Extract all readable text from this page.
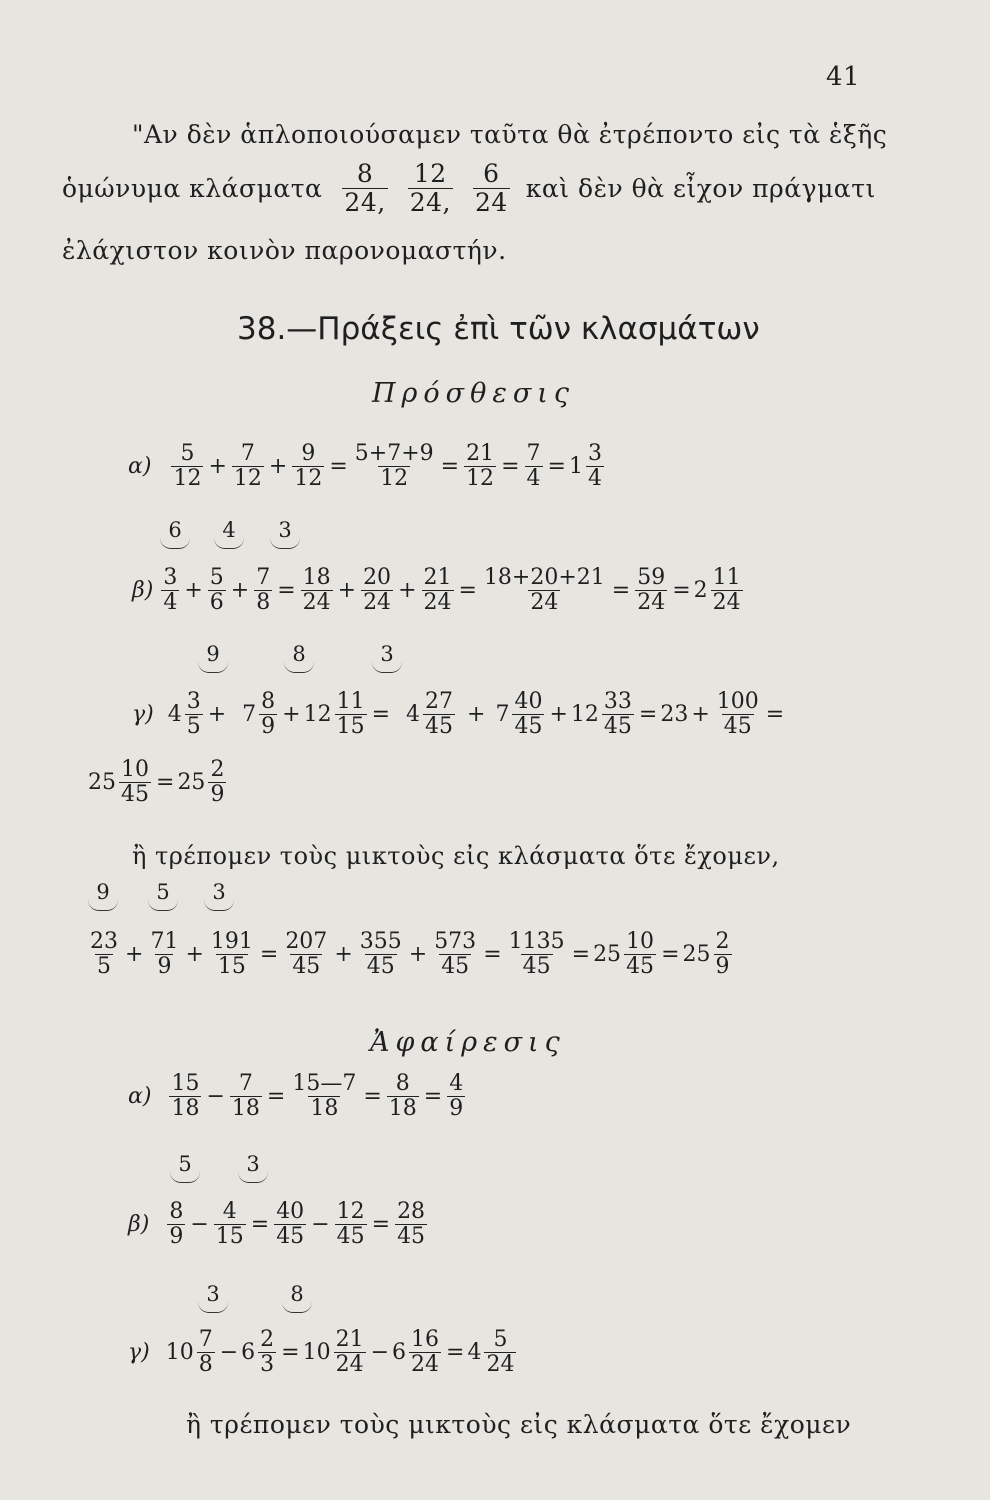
41
"Αν δὲν ἁπλοποιούσαμεν ταῦτα θὰ ἐτρέποντο εἰς τὰ ἑξῆς
ὁμώνυμα κλάσματα 8
24,
12
24,
6
24 καὶ δὲν θὰ εἶχον πράγματι
ἐλάχιστον κοινὸν παρονομαστήν.
38.—Πράξεις ἐπὶ τῶν κλασμάτων
Πρόσθεσις
α)
5
$12 + \frac{7}{12} + \frac{9}{12} = \frac{5+7+9}{12} = \frac{21}{12} = \frac{7}{4} = 1$
3
4
6 4 3
β)
3
$4 + \frac{5}{6} + \frac{7}{8} = \frac{18}{24} + \frac{20}{24} + \frac{21}{24} = \frac{18+20+21}{24} = \frac{59}{24} = 2$
11
24
9	8	3
γ) 4
3
5 + 7
8
$9 + 12 \frac{11}{15} = 4$
27
45 + 7
40
$45 + 12 \frac{33}{45} = 23 + \frac{100}{45}$ =
$25 \frac{10}{45} = 25$
2
9
ἢ τρέπομεν τοὺς μικτοὺς εἰς κλάσματα ὅτε ἔχομεν,
9 5 3
23
$5 + \frac{71}{9} + \frac{191}{15} = \frac{207}{45} + \frac{355}{45} + \frac{573}{45} = \frac{1135}{45} = 25 \frac{10}{45} = 25$
2
9
Ἀφαίρεσις
α)
15
$18 - \frac{7}{18} = \frac{15—7}{18} = \frac{8}{18} = \frac{4}{9}$
5	3
β)
8
$9 - \frac{4}{15} = \frac{40}{45} - \frac{12}{45} = \frac{28}{45}$
3	8
γ) 10
7
$8 - 6 \frac{2}{3} = 10$
21
$24 - 6 \frac{16}{24} = 4$
5
24
ἢ τρέπομεν τοὺς μικτοὺς εἰς κλάσματα ὅτε ἔχομεν
